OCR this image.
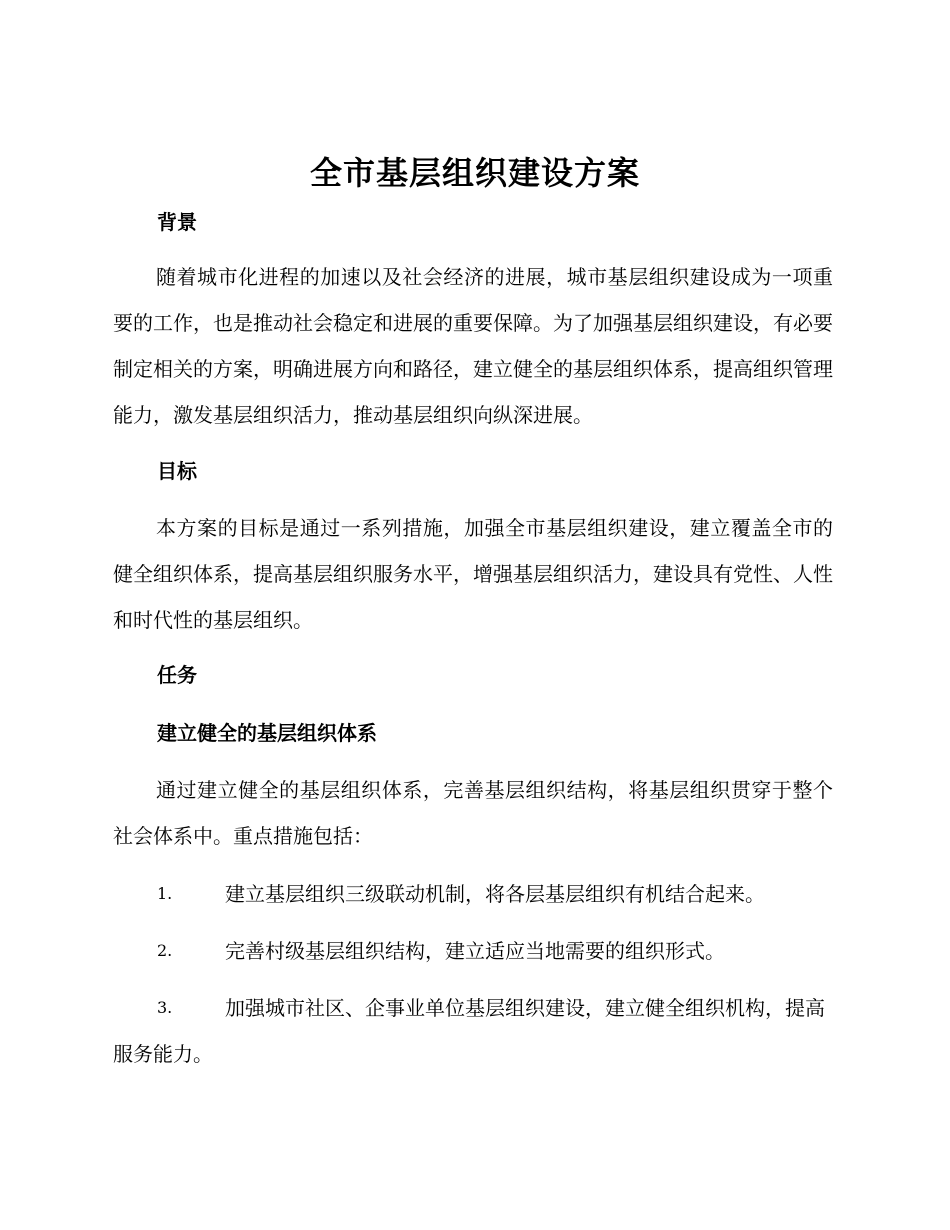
全市基层组织建设方案
背景

随着城市化进程的加速以及社会经济的进展，城市基层组织建设成为一项重要的工作，也是推动社会稳定和进展的重要保障。为了加强基层组织建设，有必要制定相关的方案，明确进展方向和路径，建立健全的基层组织体系，提高组织管理能力，激发基层组织活力，推动基层组织向纵深进展。

目标

本方案的目标是通过一系列措施，加强全市基层组织建设，建立覆盖全市的健全组织体系，提高基层组织服务水平，增强基层组织活力，建设具有党性、人性和时代性的基层组织。

任务
建立健全的基层组织体系

通过建立健全的基层组织体系，完善基层组织结构，将基层组织贯穿于整个社会体系中。重点措施包括：

1.	建立基层组织三级联动机制，将各层基层组织有机结合起来。
2.	完善村级基层组织结构，建立适应当地需要的组织形式。
3.	加强城市社区、企事业单位基层组织建设，建立健全组织机构，提高服务能力。
